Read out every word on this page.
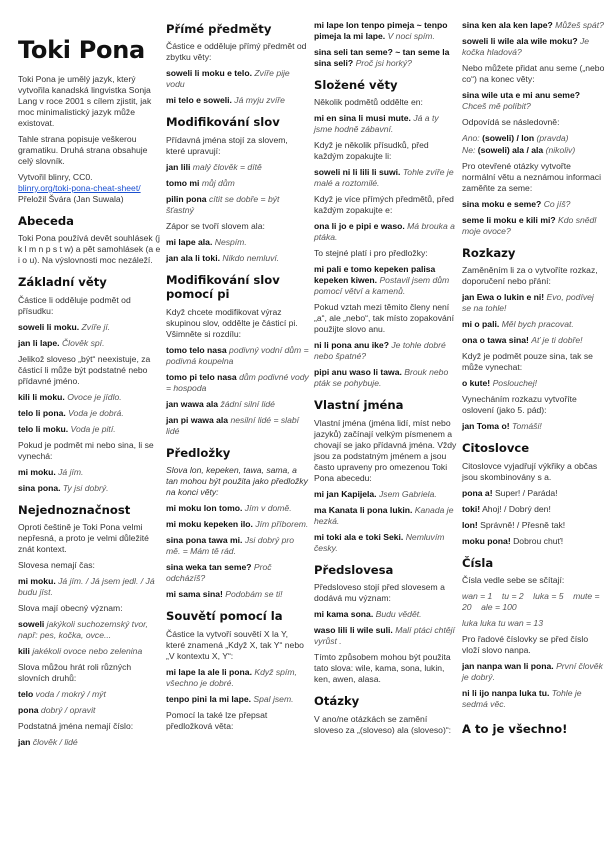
Toki Pona

Toki Pona je umělý jazyk, který vytvořila kanadská lingvistka Sonja Lang v roce 2001 s cílem zjistit, jak moc minimalistický jazyk může existovat.

Tahle strana popisuje veškerou gramatiku. Druhá strana obsahuje celý slovník.

Vytvořil blinry, CC0.
blinry.org/toki-pona-cheat-sheet/
Přeložil Švára (Jan Suwala)

Abeceda

Toki Pona používá devět souhlásek (j k l m n p s t w) a pět samohlásek (a e i o u). Na výslovnosti moc nezáleží.

Základní věty

Částice li odděluje podmět od přísudku:

soweli li moku. Zvíře jí.

jan li lape. Člověk spí.

Jelikož sloveso „být“ neexistuje, za částicí li může být podstatné nebo přídavné jméno.

kili li moku. Ovoce je jídlo.

telo li pona. Voda je dobrá.

telo li moku. Voda je pití.

Pokud je podmět mi nebo sina, li se vynechá:

mi moku. Já jím.

sina pona. Ty jsi dobrý.

Nejednoznačnost

Oproti češtině je Toki Pona velmi nepřesná, a proto je velmi důležité znát kontext.

Slovesa nemají čas:

mi moku. Já jím. / Já jsem jedl. / Já budu jíst.

Slova mají obecný význam:

soweli jakýkoli suchozemský tvor, např: pes, kočka, ovce...

kili jakékoli ovoce nebo zelenina

Slova můžou hrát roli různých slovních druhů:

telo voda / mokrý / mýt

pona dobrý / opravit

Podstatná jména nemají číslo:

jan člověk / lidé

Přímé předměty

Částice e odděluje přímý předmět od zbytku věty:

soweli li moku e telo. Zvíře pije vodu

mi telo e soweli. Já myju zvíře

Modifikování slov

Přídavná jména stojí za slovem, které upravují:

jan lili malý člověk = dítě

tomo mi můj dům

pilin pona cítit se dobře = být šťastný

Zápor se tvoří slovem ala:

mi lape ala. Nespím.

jan ala li toki. Nikdo nemluví.

Modifikování slov pomocí pi

Když chcete modifikovat výraz skupinou slov, oddělte je částicí pi. Všimněte si rozdílu:

tomo telo nasa podivný vodní dům = podivná koupelna

tomo pi telo nasa dům podivné vody = hospoda

jan wawa ala žádní silní lidé

jan pi wawa ala nesilní lidé = slabí lidé

Předložky

Slova lon, kepeken, tawa, sama, a tan mohou být použita jako předložky na konci věty:

mi moku lon tomo. Jím v domě.

mi moku kepeken ilo. Jím příborem.

sina pona tawa mi. Jsi dobrý pro mě. = Mám tě rád.

sina weka tan seme? Proč odcházíš?

mi sama sina! Podobám se ti!

Souvětí pomocí la

Částice la vytvoří souvětí X la Y, které znamená „Když X, tak Y“ nebo „V kontextu X, Y“:

mi lape la ale li pona. Když spím, všechno je dobré.

tenpo pini la mi lape. Spal jsem.

Pomocí la také lze přepsat předložková věta:

mi lape lon tenpo pimeja ~ tenpo pimeja la mi lape. V noci spím.

sina seli tan seme? ~ tan seme la sina seli? Proč jsi horký?

Složené věty

Několik podmětů oddělte en:

mi en sina li musi mute. Já a ty jsme hodně zábavní.

Když je několik přísudků, před každým zopakujte li:

soweli ni li lili li suwi. Tohle zvíře je malé a roztomilé.

Když je více přímých předmětů, před každým zopakujte e:

ona li jo e pipi e waso. Má brouka a ptáka.

To stejné platí i pro předložky:

mi pali e tomo kepeken palisa kepeken kiwen. Postavil jsem dům pomocí větví a kamenů.

Pokud vztah mezi těmito členy není „a“, ale „nebo“, tak místo zopakování použijte slovo anu.

ni li pona anu ike? Je tohle dobré nebo špatné?

pipi anu waso li tawa. Brouk nebo pták se pohybuje.

Vlastní jména

Vlastní jména (jména lidí, míst nebo jazyků) začínají velkým písmenem a chovají se jako přídavná jména. Vždy jsou za podstatným jménem a jsou často upraveny pro omezenou Toki Pona abecedu:

mi jan Kapijela. Jsem Gabriela.

ma Kanata li pona lukin. Kanada je hezká.

mi toki ala e toki Seki. Nemluvím česky.

Předslovesa

Předsloveso stojí před slovesem a dodává mu význam:

mi kama sona. Budu vědět.

waso lili li wile suli. Malí ptáci chtějí vyrůst .

Tímto způsobem mohou být použita tato slova: wile, kama, sona, lukin, ken, awen, alasa.

Otázky

V ano/ne otázkách se zamění sloveso za „(sloveso) ala (sloveso)“:

sina ken ala ken lape? Můžeš spát?

soweli li wile ala wile moku? Je kočka hladová?

Nebo můžete přidat anu seme („nebo co“) na konec věty:

sina wile uta e mi anu seme? Chceš mě políbit?

Odpovídá se následovně:

Ano: (soweli) / lon (pravda)

Ne: (soweli) ala / ala (nikoliv)

Pro otevřené otázky vytvořte normální větu a neznámou informaci zaměňte za seme:

sina moku e seme? Co jíš?

seme li moku e kili mi? Kdo snědl moje ovoce?

Rozkazy

Zaměněním li za o vytvoříte rozkaz, doporučení nebo přání:

jan Ewa o lukin e ni! Evo, podívej se na tohle!

mi o pali. Měl bych pracovat.

ona o tawa sina! Ať je ti dobře!

Když je podmět pouze sina, tak se může vynechat:

o kute! Poslouchej!

Vynecháním rozkazu vytvoříte oslovení (jako 5. pád):

jan Toma o! Tomáši!

Citoslovce

Citoslovce vyjadřují výkřiky a občas jsou skombinovány s a.

pona a! Super! / Paráda!

toki! Ahoj! / Dobrý den!

lon! Správně! / Přesně tak!

moku pona! Dobrou chuť!

Čísla

Čísla vedle sebe se sčítají:

wan = 1    tu = 2    luka = 5    mute = 20    ale = 100

luka luka tu wan = 13

Pro řadové číslovky se před číslo vloží slovo nanpa.

jan nanpa wan li pona. První člověk je dobrý.

ni li ijo nanpa luka tu. Tohle je sedmá věc.

A to je všechno!
